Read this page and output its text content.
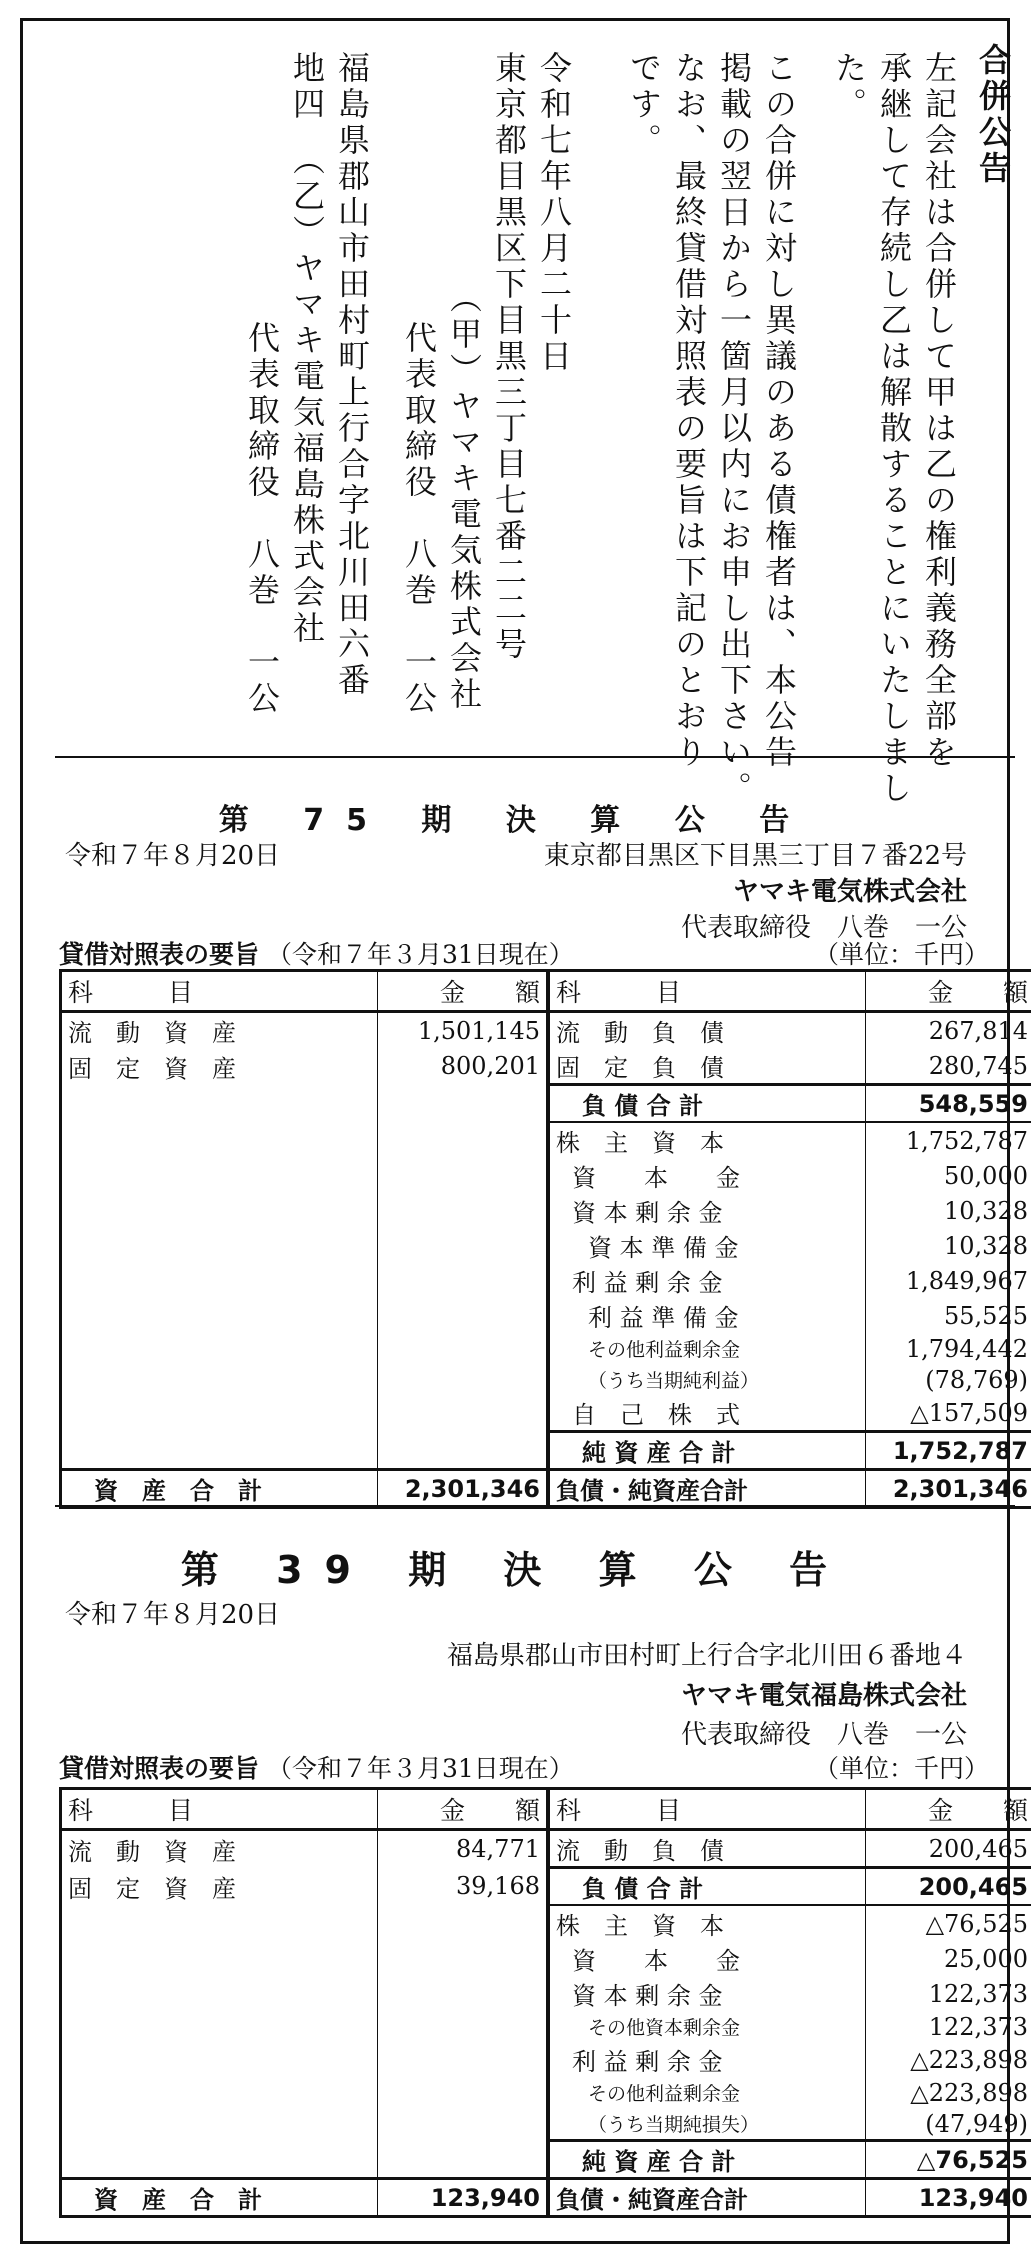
合併公告
左記会社は合併して甲は乙の権利義務全部を
承継して存続し乙は解散することにいたしまし
た。
この合併に対し異議のある債権者は、本公告
掲載の翌日から一箇月以内にお申し出下さい。
なお、最終貸借対照表の要旨は下記のとおり
です。
令和七年八月二十日
東京都目黒区下目黒三丁目七番二二号
（甲）ヤマキ電気株式会社
代表取締役　八巻　一公
福島県郡山市田村町上行合字北川田六番
地四　（乙）ヤマキ電気福島株式会社
代表取締役　八巻　一公
第 75 期 決 算 公 告
令和７年８月20日	東京都目黒区下目黒三丁目７番22号
ヤマキ電気株式会社
代表取締役　八巻　一公
貸借対照表の要旨 （令和７年３月31日現在）	（単位：千円）
科　　　目	金　　額		科　　　目	金　　額
流　動　資　産	1,501,145		流　動　負　債	267,814
固　定　資　産	800,201		固　定　負　債	280,745
			負 債 合 計	548,559
			株　主　資　本	1,752,787
			資　　本　　金	50,000
			資 本 剰 余 金	10,328
			資 本 準 備 金	10,328
			利 益 剰 余 金	1,849,967
			利 益 準 備 金	55,525
			その他利益剰余金	1,794,442
			（うち当期純利益）	(78,769)
			自　己　株　式	△157,509
			純 資 産 合 計	1,752,787
資　産　合　計	2,301,346		負債・純資産合計	2,301,346
第 39 期 決 算 公 告
令和７年８月20日
福島県郡山市田村町上行合字北川田６番地４
ヤマキ電気福島株式会社
代表取締役　八巻　一公
貸借対照表の要旨 （令和７年３月31日現在）	（単位：千円）
科　　　目	金　　額		科　　　目	金　　額
流　動　資　産	84,771		流　動　負　債	200,465
固　定　資　産	39,168		負 債 合 計	200,465
			株　主　資　本	△76,525
			資　　本　　金	25,000
			資 本 剰 余 金	122,373
			その他資本剰余金	122,373
			利 益 剰 余 金	△223,898
			その他利益剰余金	△223,898
			（うち当期純損失）	(47,949)
			純 資 産 合 計	△76,525
資　産　合　計	123,940		負債・純資産合計	123,940
